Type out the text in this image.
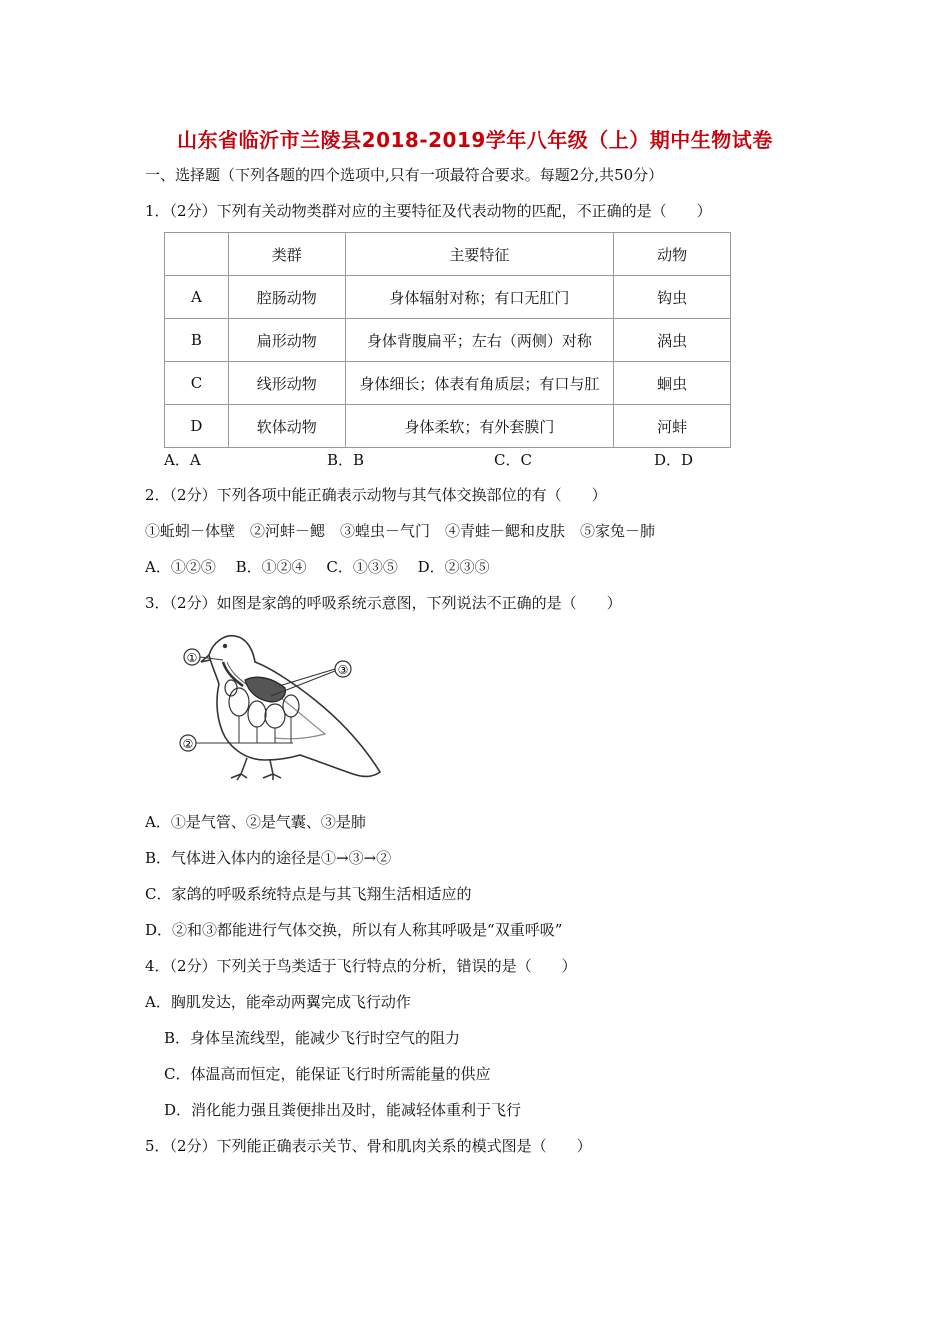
山东省临沂市兰陵县2018-2019学年八年级（上）期中生物试卷
一、选择题（下列各题的四个选项中,只有一项最符合要求。每题2分,共50分）
1．（2分）下列有关动物类群对应的主要特征及代表动物的匹配，不正确的是（　　）
	类群	主要特征	动物
A	腔肠动物	身体辐射对称；有口无肛门	钩虫
B	扁形动物	身体背腹扁平；左右（两侧）对称	涡虫
C	线形动物	身体细长；体表有角质层；有口与肛	蛔虫
D	软体动物	身体柔软；有外套膜门	河蚌
A．A	B．B	C．C	D．D
2．（2分）下列各项中能正确表示动物与其气体交换部位的有（　　）
①蚯蚓－体壁　②河蚌－鳃　③蝗虫－气门　④青蛙－鳃和皮肤　⑤家兔－肺
A．①②⑤　 B．①②④　 C．①③⑤　 D．②③⑤
3．（2分）如图是家鸽的呼吸系统示意图，下列说法不正确的是（　　）
①
③
②
A．①是气管、②是气囊、③是肺
B．气体进入体内的途径是①→③→②
C．家鸽的呼吸系统特点是与其飞翔生活相适应的
D．②和③都能进行气体交换，所以有人称其呼吸是“双重呼吸”
4．（2分）下列关于鸟类适于飞行特点的分析，错误的是（　　）
A．胸肌发达，能牵动两翼完成飞行动作
B．身体呈流线型，能减少飞行时空气的阻力
C．体温高而恒定，能保证飞行时所需能量的供应
D．消化能力强且粪便排出及时，能减轻体重利于飞行
5．（2分）下列能正确表示关节、骨和肌肉关系的模式图是（　　）
